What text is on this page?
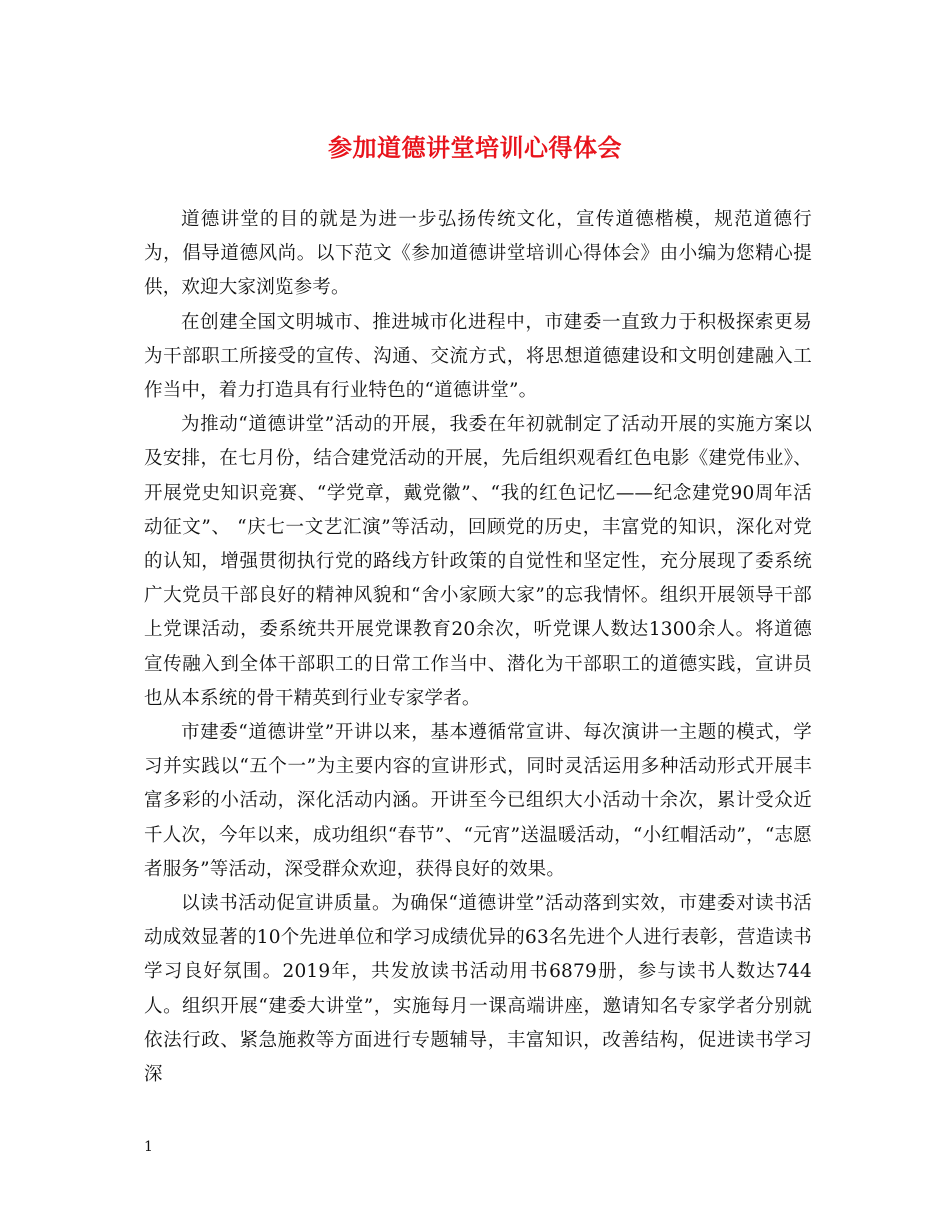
参加道德讲堂培训心得体会

道德讲堂的目的就是为进一步弘扬传统文化，宣传道德楷模，规范道德行为，倡导道德风尚。以下范文《参加道德讲堂培训心得体会》由小编为您精心提供，欢迎大家浏览参考。

在创建全国文明城市、推进城市化进程中，市建委一直致力于积极探索更易为干部职工所接受的宣传、沟通、交流方式，将思想道德建设和文明创建融入工作当中，着力打造具有行业特色的“道德讲堂”。

为推动“道德讲堂”活动的开展，我委在年初就制定了活动开展的实施方案以及安排，在七月份，结合建党活动的开展，先后组织观看红色电影《建党伟业》、开展党史知识竞赛、“学党章，戴党徽”、“我的红色记忆——纪念建党90周年活动征文”、 “庆七一文艺汇演”等活动，回顾党的历史，丰富党的知识，深化对党的认知，增强贯彻执行党的路线方针政策的自觉性和坚定性，充分展现了委系统广大党员干部良好的精神风貌和“舍小家顾大家”的忘我情怀。组织开展领导干部上党课活动，委系统共开展党课教育20余次，听党课人数达1300余人。将道德宣传融入到全体干部职工的日常工作当中、潜化为干部职工的道德实践，宣讲员也从本系统的骨干精英到行业专家学者。

市建委“道德讲堂”开讲以来，基本遵循常宣讲、每次演讲一主题的模式，学习并实践以“五个一”为主要内容的宣讲形式，同时灵活运用多种活动形式开展丰富多彩的小活动，深化活动内涵。开讲至今已组织大小活动十余次，累计受众近千人次，今年以来，成功组织“春节”、“元宵”送温暖活动，“小红帽活动”，“志愿者服务”等活动，深受群众欢迎，获得良好的效果。

以读书活动促宣讲质量。为确保“道德讲堂”活动落到实效，市建委对读书活动成效显著的10个先进单位和学习成绩优异的63名先进个人进行表彰，营造读书学习良好氛围。2019年，共发放读书活动用书6879册，参与读书人数达744人。组织开展“建委大讲堂”，实施每月一课高端讲座，邀请知名专家学者分别就依法行政、紧急施救等方面进行专题辅导，丰富知识，改善结构，促进读书学习深

1
